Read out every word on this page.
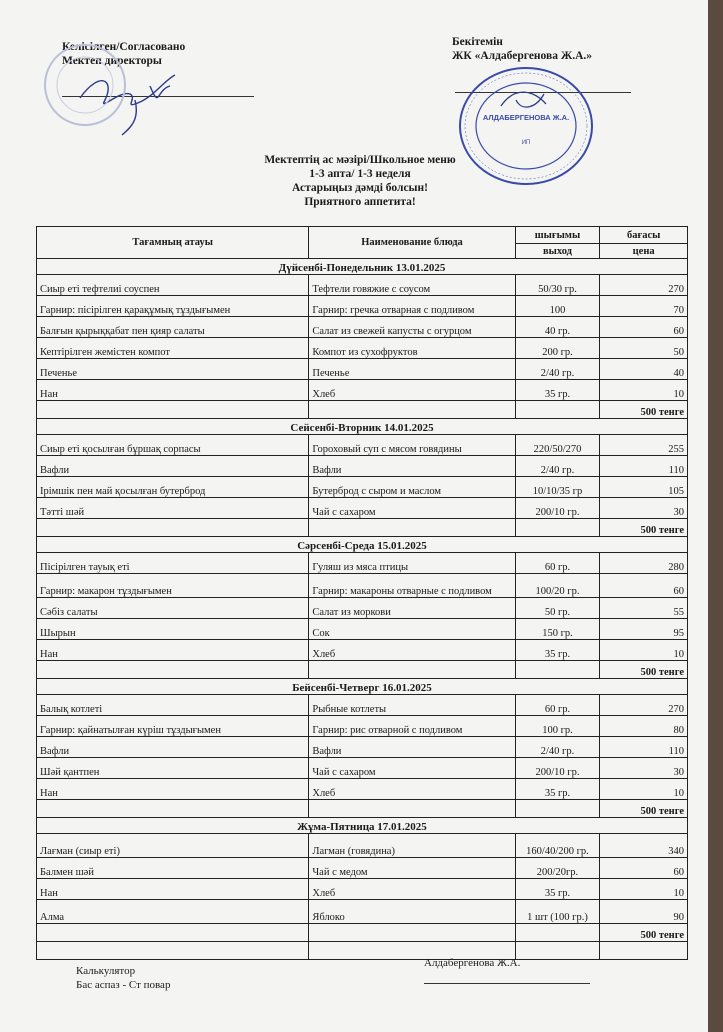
Келісілген/Согласовано
Мектеп директоры
Бекітемін
ЖК «Алдабергенова Ж.А.»
АЛДАБЕРГЕНОВА Ж.А.
ИП
Мектептің ас мәзірі/Школьное меню
1-3 апта/ 1-3 неделя
Астарыңыз дәмді болсын!
Приятного аппетита!
Тағамның атауы	Наименование блюда	шығымы	бағасы
		выход	цена
Дүйсенбі-Понедельник 13.01.2025			
Сиыр еті тефтелиі соуспен	Тефтели говяжие с соусом	50/30 гр.	270
Гарнир: пісірілген қарақұмық тұздығымен	Гарнир: гречка отварная с подливом	100	70
Балғын қырыққабат пен қияр салаты	Салат из свежей капусты с огурцом	40 гр.	60
Кептірілген жемістен компот	Компот из сухофруктов	200 гр.	50
Печенье	Печенье	2/40 гр.	40
Нан	Хлеб	35 гр.	10
			500 тенге
Сейсенбі-Вторник 14.01.2025			
Сиыр еті қосылған бұршақ сорпасы	Гороховый суп с мясом говядины	220/50/270	255
Вафли	Вафли	2/40 гр.	110
Ірімшік пен май қосылған бутерброд	Бутерброд с сыром и маслом	10/10/35 гр	105
Тәтті шәй	Чай с сахаром	200/10 гр.	30
			500 тенге
Сәрсенбі-Среда 15.01.2025			
Пісірілген тауық еті	Гуляш из мяса птицы	60 гр.	280
Гарнир: макарон тұздығымен	Гарнир: макароны отварные с подливом	100/20 гр.	60
Сәбіз салаты	Салат из моркови	50 гр.	55
Шырын	Сок	150 гр.	95
Нан	Хлеб	35 гр.	10
			500 тенге
Бейсенбі-Четверг 16.01.2025			
Балық котлеті	Рыбные котлеты	60 гр.	270
Гарнир: қайнатылған күріш тұздығымен	Гарнир: рис отварной с подливом	100 гр.	80
Вафли	Вафли	2/40 гр.	110
Шәй қантпен	Чай с сахаром	200/10 гр.	30
Нан	Хлеб	35 гр.	10
			500 тенге
Жұма-Пятница 17.01.2025			
Лағман (сиыр еті)	Лагман (говядина)	160/40/200 гр.	340
Балмен шәй	Чай с медом	200/20гр.	60
Нан	Хлеб	35 гр.	10
Алма	Яблоко	1 шт (100 гр.)	90
			500 тенге

Калькулятор
Бас аспаз - Ст повар
Алдабергенова Ж.А.
